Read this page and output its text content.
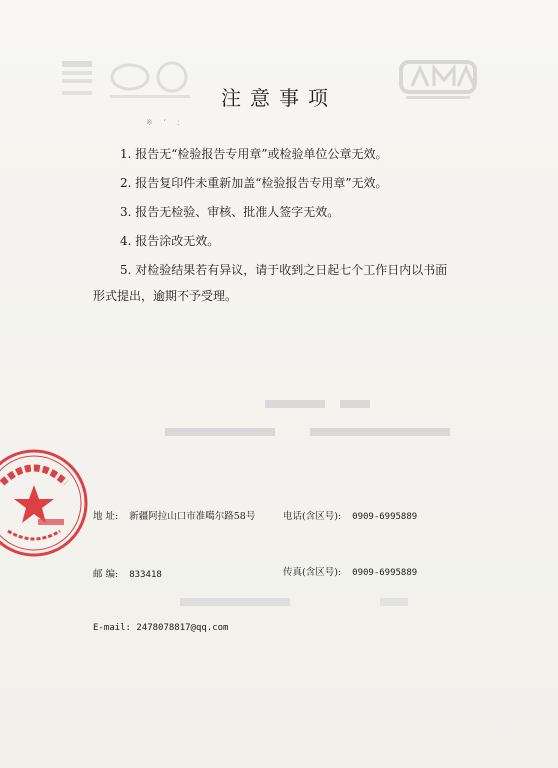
注意事项
※ ‘ ：
1. 报告无“检验报告专用章”或检验单位公章无效。
2. 报告复印件未重新加盖“检验报告专用章”无效。
3. 报告无检验、审核、批准人签字无效。
4. 报告涂改无效。
5. 对检验结果若有异议，请于收到之日起七个工作日内以书面
形式提出，逾期不予受理。
地 址: 新疆阿拉山口市准噶尔路58号	电话(含区号): 0909-6995889
邮 编: 833418	传真(含区号): 0909-6995889
E-mail: 2478078817@qq.com
